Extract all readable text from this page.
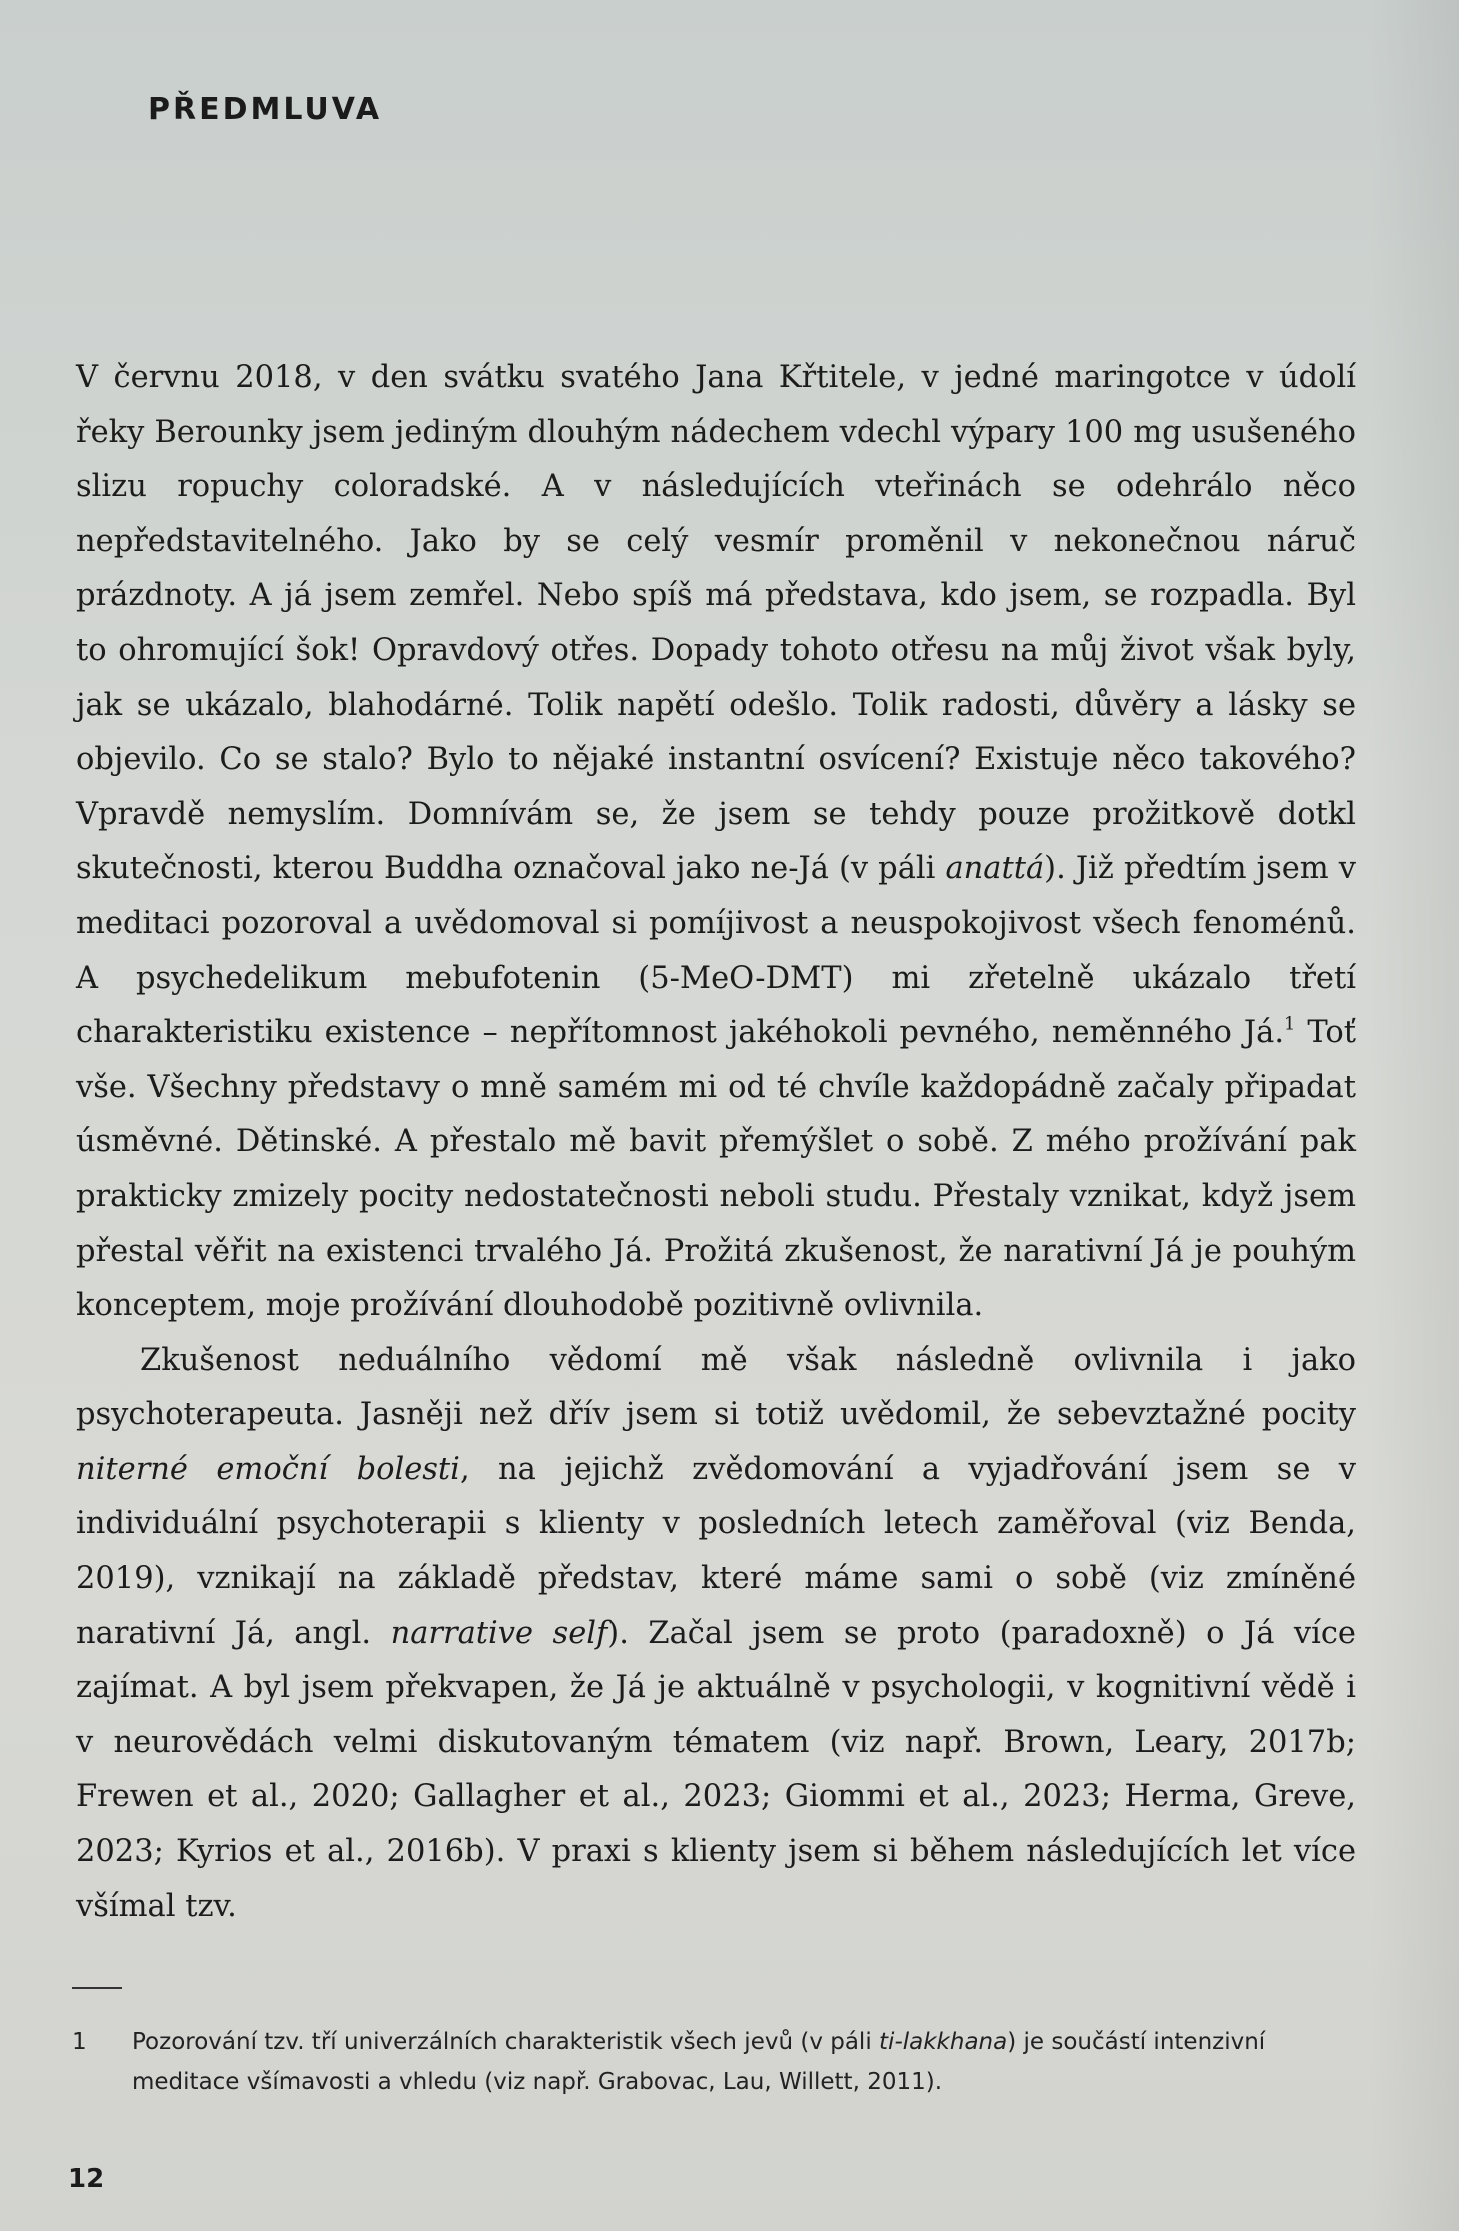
PŘEDMLUVA

V červnu 2018, v den svátku svatého Jana Křtitele, v jedné maringotce v údolí řeky Berounky jsem jediným dlouhým nádechem vdechl výpary 100 mg usušeného slizu ropuchy coloradské. A v následujících vteřinách se odehrálo něco nepředstavitelného. Jako by se celý vesmír proměnil v nekonečnou náruč prázdnoty. A já jsem zemřel. Nebo spíš má představa, kdo jsem, se rozpadla. Byl to ohromující šok! Opravdový otřes. Dopady tohoto otřesu na můj život však byly, jak se ukázalo, blahodárné. Tolik napětí odešlo. Tolik radosti, důvěry a lásky se objevilo. Co se stalo? Bylo to nějaké instantní osvícení? Existuje něco takového? Vpravdě nemyslím. Domnívám se, že jsem se tehdy pouze prožitkově dotkl skutečnosti, kterou Buddha označoval jako ne-Já (v páli anattá). Již předtím jsem v meditaci pozoroval a uvědomoval si pomíjivost a neuspokojivost všech fenoménů. A psychedelikum mebufotenin (5-MeO-DMT) mi zřetelně ukázalo třetí charakteristiku existence – nepřítomnost jakéhokoli pevného, neměnného Já.$^1$ Toť vše. Všechny představy o mně samém mi od té chvíle každopádně začaly připadat úsměvné. Dětinské. A přestalo mě bavit přemýšlet o sobě. Z mého prožívání pak prakticky zmizely pocity nedostatečnosti neboli studu. Přestaly vznikat, když jsem přestal věřit na existenci trvalého Já. Prožitá zkušenost, že narativní Já je pouhým konceptem, moje prožívání dlouhodobě pozitivně ovlivnila.

Zkušenost neduálního vědomí mě však následně ovlivnila i jako psychoterapeuta. Jasněji než dřív jsem si totiž uvědomil, že sebevztažné pocity niterné emoční bolesti, na jejichž zvědomování a vyjadřování jsem se v individuální psychoterapii s klienty v posledních letech zaměřoval (viz Benda, 2019), vznikají na základě představ, které máme sami o sobě (viz zmíněné narativní Já, angl. narrative self). Začal jsem se proto (paradoxně) o Já více zajímat. A byl jsem překvapen, že Já je aktuálně v psychologii, v kognitivní vědě i v neurovědách velmi diskutovaným tématem (viz např. Brown, Leary, 2017b; Frewen et al., 2020; Gallagher et al., 2023; Giommi et al., 2023; Herma, Greve, 2023; Kyrios et al., 2016b). V praxi s klienty jsem si během následujících let více všímal tzv.

1	Pozorování tzv. tří univerzálních charakteristik všech jevů (v páli ti-lakkhana) je součástí intenzivní meditace všímavosti a vhledu (viz např. Grabovac, Lau, Willett, 2011).
12
